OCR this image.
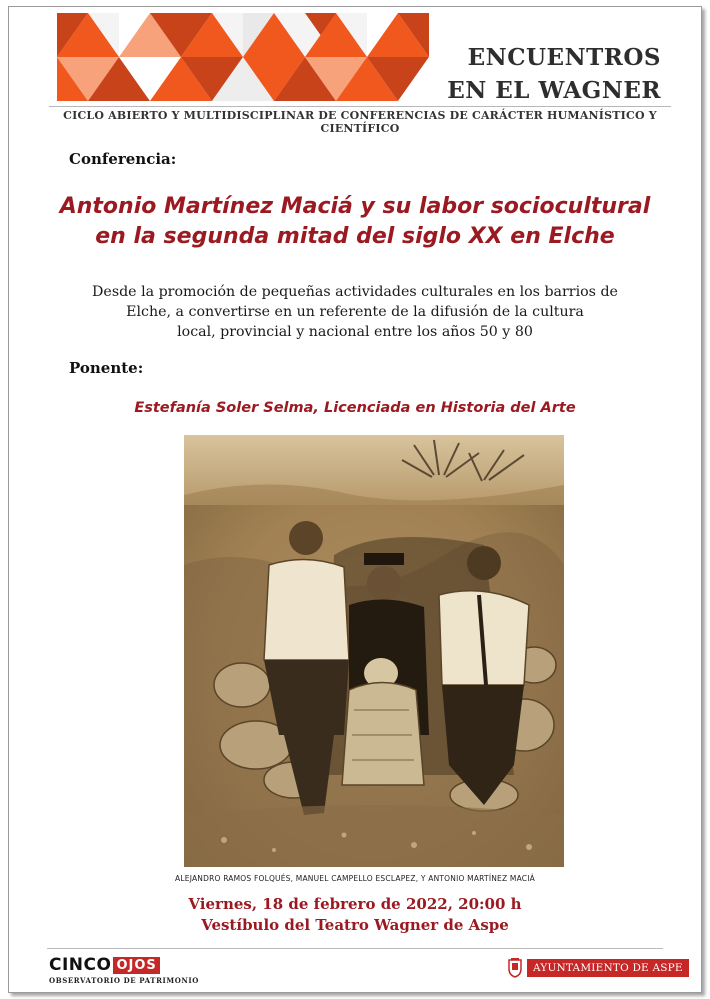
ENCUENTROS
EN EL WAGNER
CICLO ABIERTO Y MULTIDISCIPLINAR DE CONFERENCIAS DE CARÁCTER HUMANÍSTICO Y CIENTÍFICO
Conferencia:
Antonio Martínez Maciá y su labor sociocultural
en la segunda mitad del siglo XX en Elche
Desde la promoción de pequeñas actividades culturales en los barrios de
Elche, a convertirse en un referente de la difusión de la cultura
local, provincial y nacional entre los años 50 y 80
Ponente:
Estefanía Soler Selma, Licenciada en Historia del Arte
ALEJANDRO RAMOS FOLQUÉS, MANUEL CAMPELLO ESCLAPEZ, Y ANTONIO MARTÍNEZ MACIÁ
Viernes, 18 de febrero de 2022, 20:00 h
Vestíbulo del Teatro Wagner de Aspe
CINCO OJOS
OBSERVATORIO DE PATRIMONIO
AYUNTAMIENTO DE ASPE
